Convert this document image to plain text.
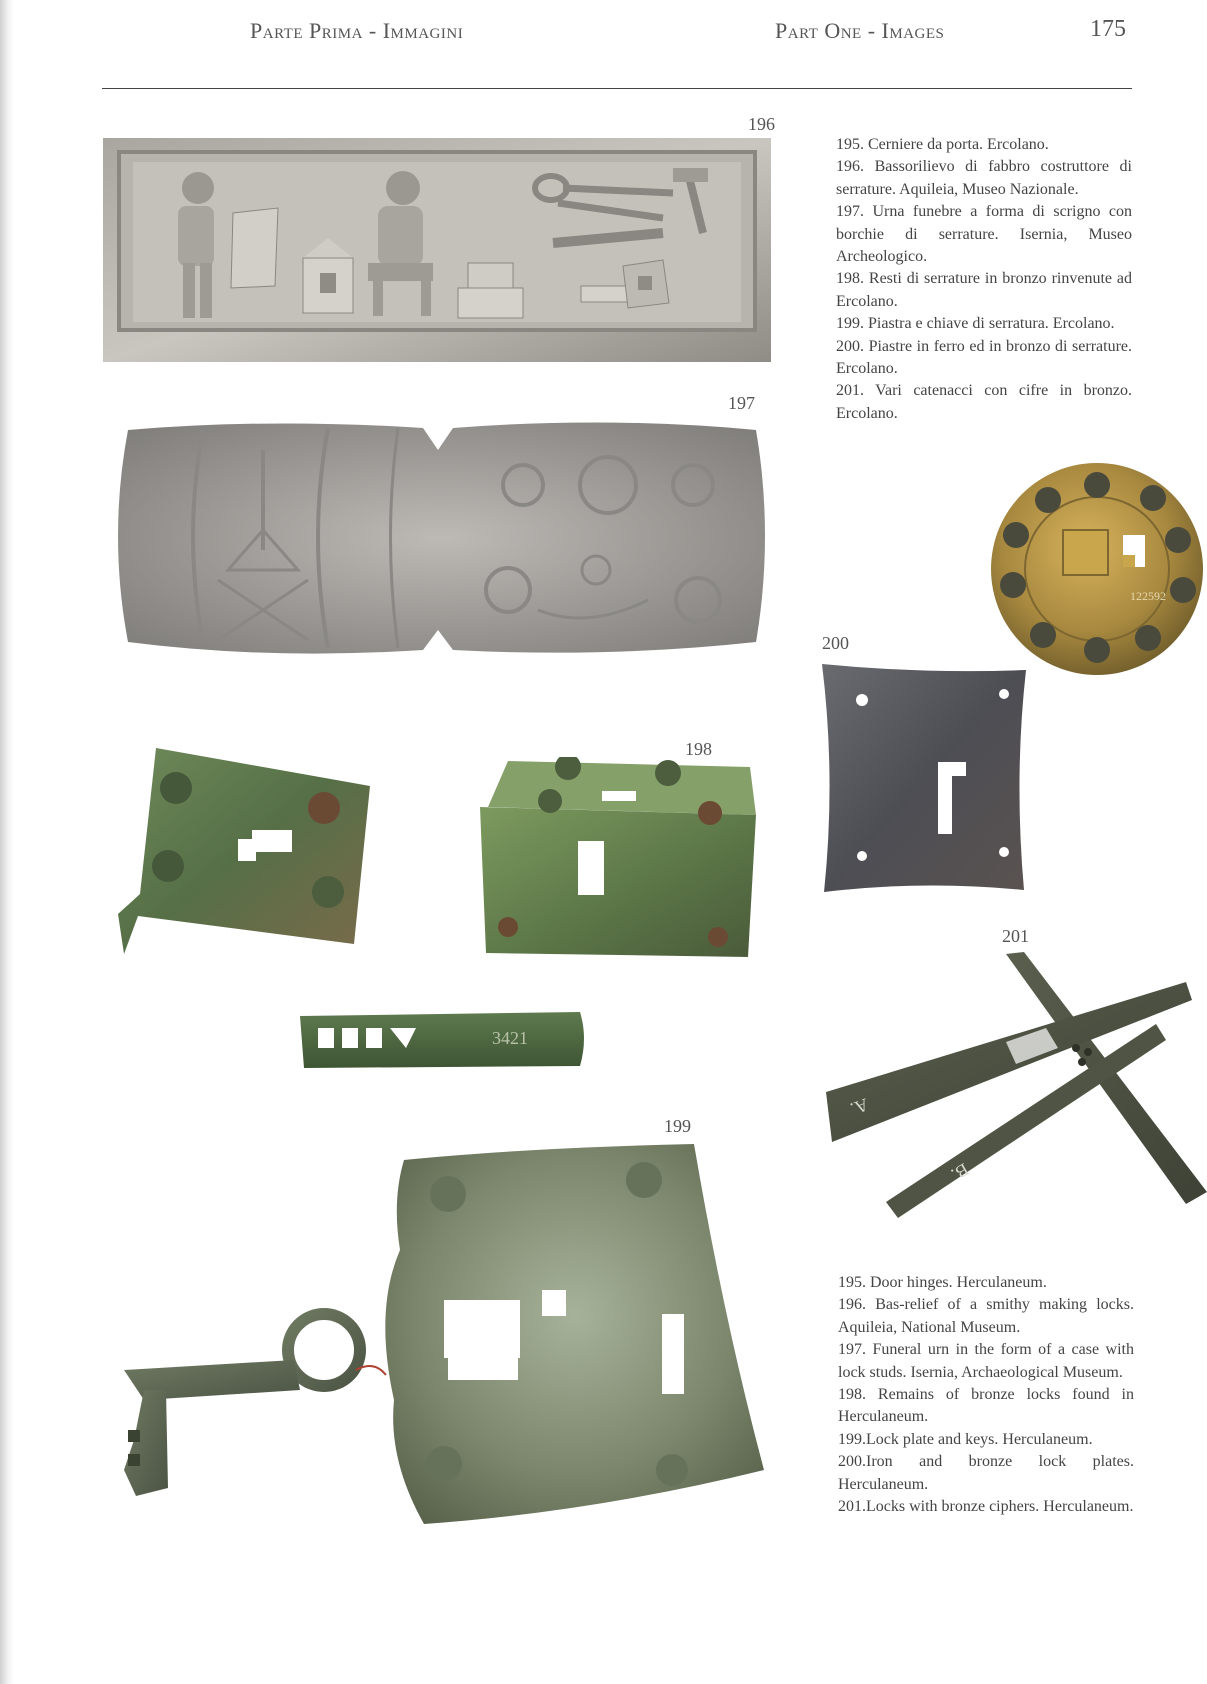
Parte Prima - Immagini	Part One - Images	175
196
197
122592
200

195. Cerniere da porta. Ercolano.

196. Bassorilievo di fabbro costruttore di serrature. Aquileia, Museo Nazionale.

197. Urna funebre a forma di scrigno con borchie di serrature. Isernia, Museo Archeologico.

198. Resti di serrature in bronzo rinvenute ad Ercolano.

199. Piastra e chiave di serratura. Ercolano.

200. Piastre in ferro ed in bronzo di serrature. Ercolano.

201. Vari catenacci con cifre in bronzo. Ercolano.

198
3421
201
A.
B.
199

195. Door hinges. Herculaneum.

196. Bas-relief of a smithy making locks. Aquileia, National Museum.

197. Funeral urn in the form of a case with lock studs. Isernia, Archaeological Museum.

198. Remains of bronze locks found in Herculaneum.

199.Lock plate and keys. Herculaneum.

200.Iron and bronze lock plates. Herculaneum.

201.Locks with bronze ciphers. Herculaneum.
